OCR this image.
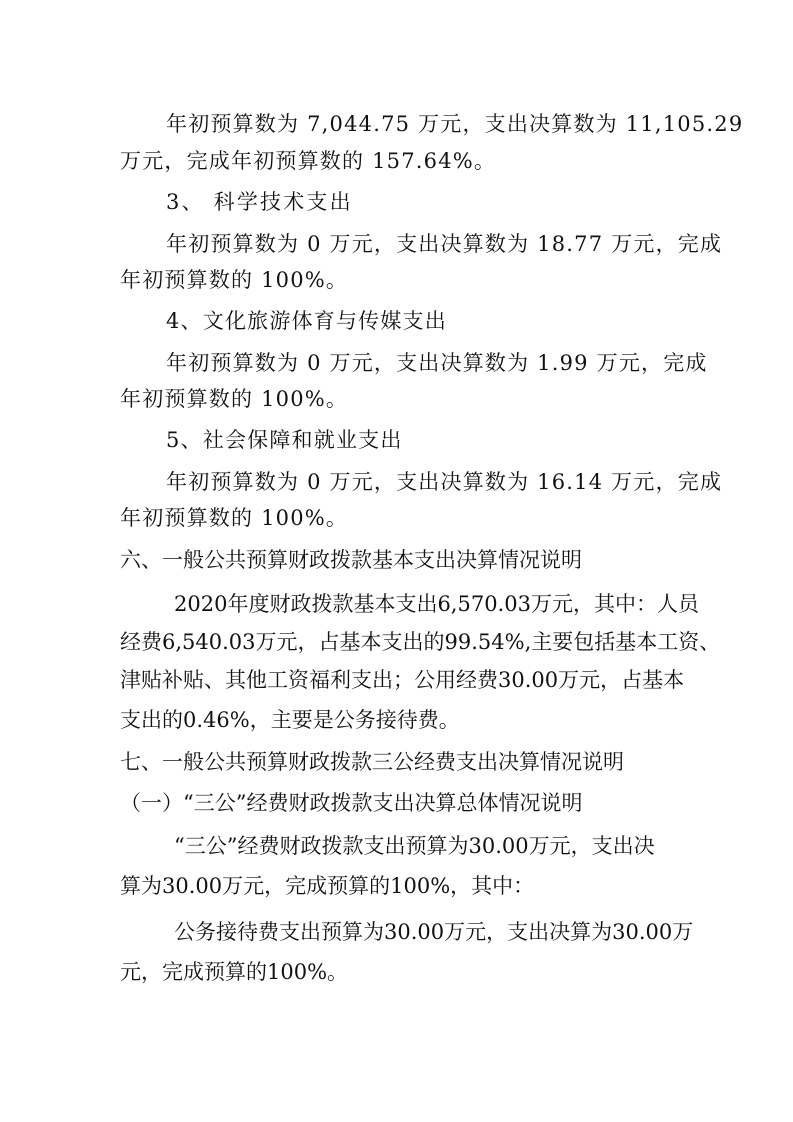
年初预算数为 7,044.75 万元，支出决算数为 11,105.29
万元，完成年初预算数的 157.64%。
3、 科学技术支出
年初预算数为 0 万元，支出决算数为 18.77 万元，完成
年初预算数的 100%。
4、文化旅游体育与传媒支出
年初预算数为 0 万元，支出决算数为 1.99 万元，完成
年初预算数的 100%。
5、社会保障和就业支出
年初预算数为 0 万元，支出决算数为 16.14 万元，完成
年初预算数的 100%。
六、一般公共预算财政拨款基本支出决算情况说明
2020年度财政拨款基本支出6,570.03万元，其中：人员
经费6,540.03万元，占基本支出的99.54%,主要包括基本工资、
津贴补贴、其他工资福利支出；公用经费30.00万元，占基本
支出的0.46%，主要是公务接待费。
七、一般公共预算财政拨款三公经费支出决算情况说明
（一）“三公”经费财政拨款支出决算总体情况说明
“三公”经费财政拨款支出预算为30.00万元，支出决
算为30.00万元，完成预算的100%，其中：
公务接待费支出预算为30.00万元，支出决算为30.00万
元，完成预算的100%。
